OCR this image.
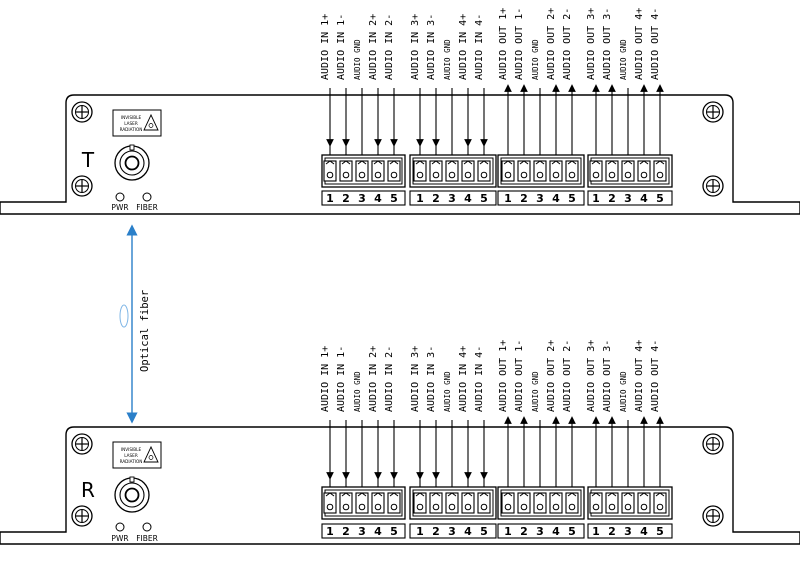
T
INVISIBLE
LASER
RADIATION
PWR FIBER
AUDIO IN 1+
1
AUDIO IN 1-
2
AUDIO GND
3
AUDIO IN 2+
4
AUDIO IN 2-
5
AUDIO IN 3+
1
AUDIO IN 3-
2
AUDIO GND
3
AUDIO IN 4+
4
AUDIO IN 4-
5
AUDIO OUT 1+
1
AUDIO OUT 1-
2
AUDIO GND
3
AUDIO OUT 2+
4
AUDIO OUT 2-
5
AUDIO OUT 3+
1
AUDIO OUT 3-
2
AUDIO GND
3
AUDIO OUT 4+
4
AUDIO OUT 4-
5
R
INVISIBLE
LASER
RADIATION
PWR FIBER
AUDIO IN 1+
1
AUDIO IN 1-
2
AUDIO GND
3
AUDIO IN 2+
4
AUDIO IN 2-
5
AUDIO IN 3+
1
AUDIO IN 3-
2
AUDIO GND
3
AUDIO IN 4+
4
AUDIO IN 4-
5
AUDIO OUT 1+
1
AUDIO OUT 1-
2
AUDIO GND
3
AUDIO OUT 2+
4
AUDIO OUT 2-
5
AUDIO OUT 3+
1
AUDIO OUT 3-
2
AUDIO GND
3
AUDIO OUT 4+
4
AUDIO OUT 4-
5
Optical fiber
